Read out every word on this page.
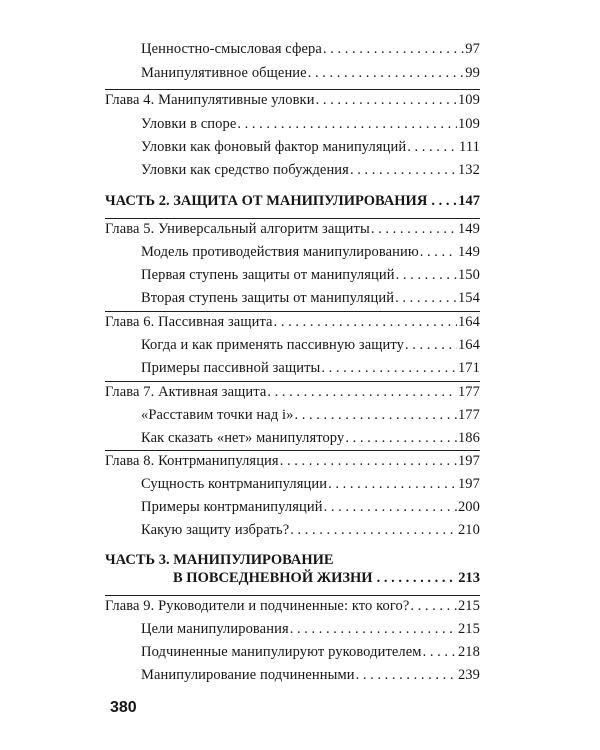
Ценностно-смысловая сфера . . .	97
Манипулятивное общение . . .	99
Глава 4. Манипулятивные уловки . . .	109
Уловки в споре . . .	109
Уловки как фоновый фактор манипуляций . . .	111
Уловки как средство побуждения . . .	132
ЧАСТЬ 2. ЗАЩИТА ОТ МАНИПУЛИРОВАНИЯ . . . 147
Глава 5. Универсальный алгоритм защиты . . .	149
Модель противодействия манипулированию . . .	149
Первая ступень защиты от манипуляций . . .	150
Вторая ступень защиты от манипуляций . . .	154
Глава 6. Пассивная защита . . .	164
Когда и как применять пассивную защиту . . .	164
Примеры пассивной защиты . . .	171
Глава 7. Активная защита . . .	177
«Расставим точки над i» . . .	177
Как сказать «нет» манипулятору . . .	186
Глава 8. Контрманипуляция . . .	197
Сущность контрманипуляции . . .	197
Примеры контрманипуляций . . .	200
Какую защиту избрать? . . .	210
ЧАСТЬ 3. МАНИПУЛИРОВАНИЕ
В ПОВСЕДНЕВНОЙ ЖИЗНИ . . .	213
Глава 9. Руководители и подчиненные: кто кого? . . .	215
Цели манипулирования . . .	215
Подчиненные манипулируют руководителем . . .	218
Манипулирование подчиненными . . .	239
380
